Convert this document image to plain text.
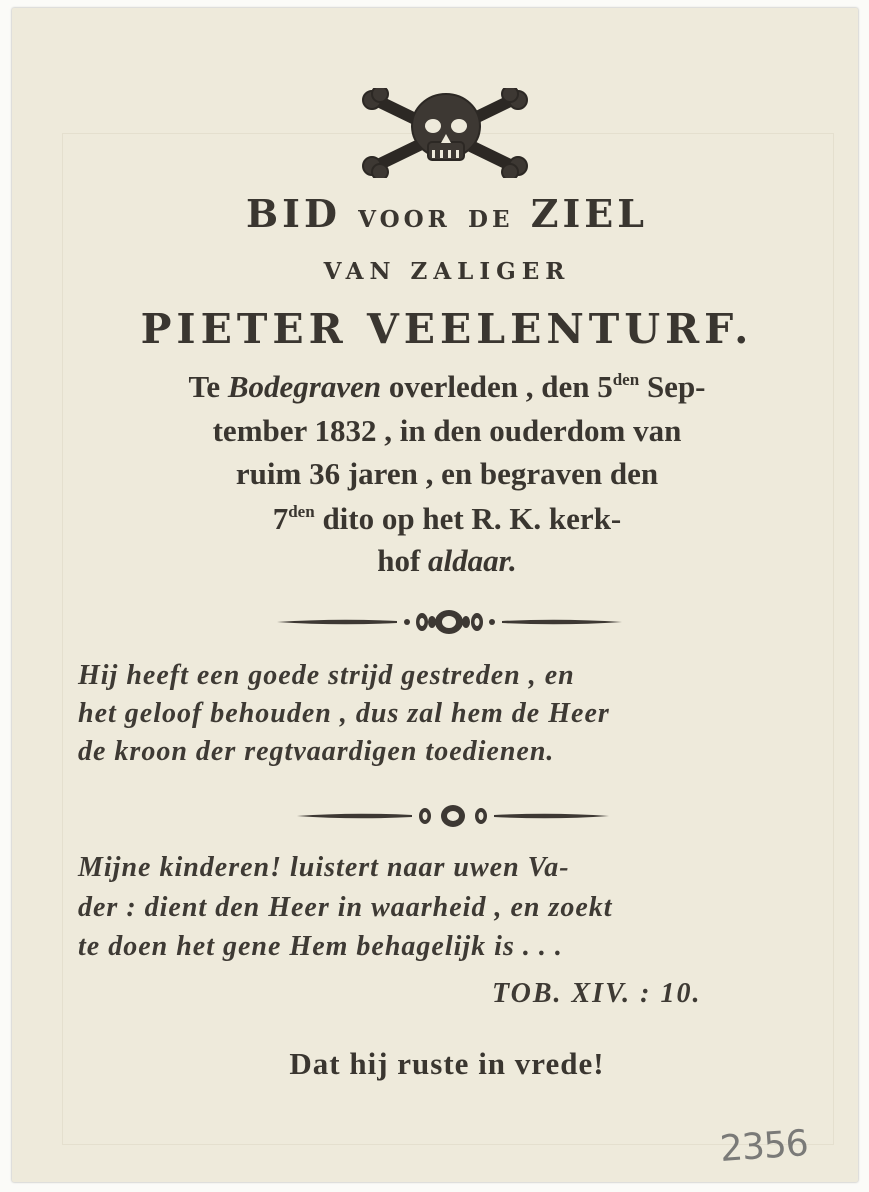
BID VOOR DE ZIEL
VAN ZALIGER
PIETER VEELENTURF.
Te Bodegraven overleden , den $5^{den}$ Sep-
tember 1832 , in den ouderdom van
ruim 36 jaren , en begraven den
$7^{den}$ dito op het R. K. kerk-
hof aldaar.
Hij heeft een goede strijd gestreden , en
het geloof behouden , dus zal hem de Heer
de kroon der regtvaardigen toedienen.
Mijne kinderen! luistert naar uwen Va-
der : dient den Heer in waarheid , en zoekt
te doen het gene Hem behagelijk is . . .
TOB. XIV. : 10.
Dat hij ruste in vrede!
2356
